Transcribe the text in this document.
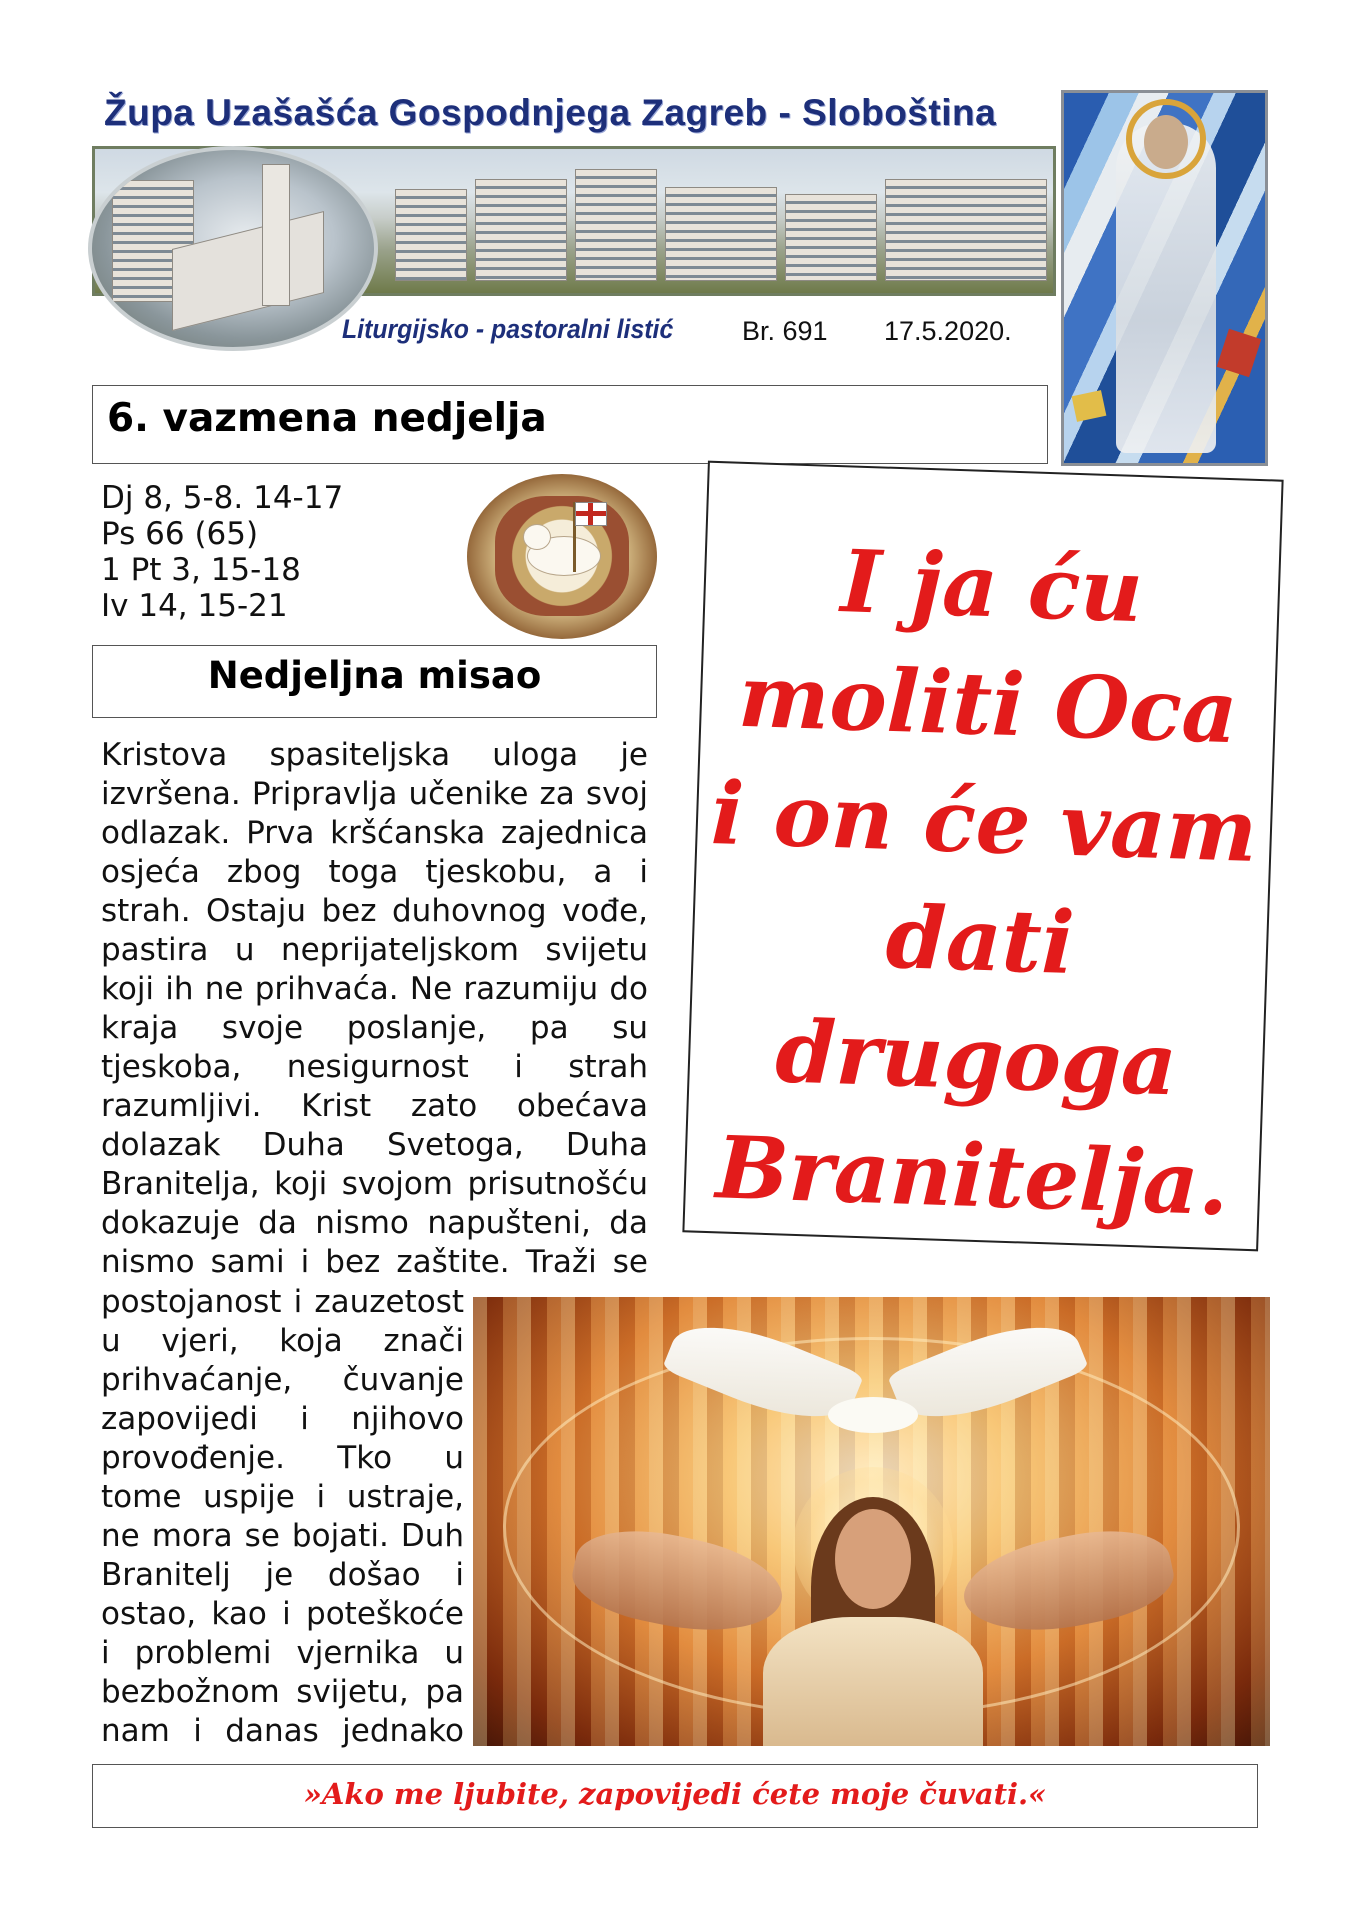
Župa Uzašašća Gospodnjega Zagreb - Sloboština
Liturgijsko - pastoralni listić	Br. 691 17.5.2020.
6. vazmena nedjelja
Dj 8, 5-8. 14-17
Ps 66 (65)
1 Pt 3, 15-18
Iv 14, 15-21
Nedjeljna misao
Kristova spasiteljska uloga je
izvršena. Pripravlja učenike za svoj
odlazak. Prva kršćanska zajednica
osjeća zbog toga tjeskobu, a i
strah. Ostaju bez duhovnog vođe,
pastira u neprijateljskom svijetu
koji ih ne prihvaća. Ne razumiju do
kraja svoje poslanje, pa su
tjeskoba, nesigurnost i strah
razumljivi. Krist zato obećava
dolazak Duha Svetoga, Duha
Branitelja, koji svojom prisutnošću
dokazuje da nismo napušteni, da
nismo sami i bez zaštite. Traži se
postojanost i zauzetost
u vjeri, koja znači
prihvaćanje, čuvanje
zapovijedi i njihovo
provođenje. Tko u
tome uspije i ustraje,
ne mora se bojati. Duh
Branitelj je došao i
ostao, kao i poteškoće
i problemi vjernika u
bezbožnom svijetu, pa
nam i danas jednako
I ja ću
moliti Oca
i on će vam
dati
drugoga
Branitelja.
»Ako me ljubite, zapovijedi ćete moje čuvati.«
